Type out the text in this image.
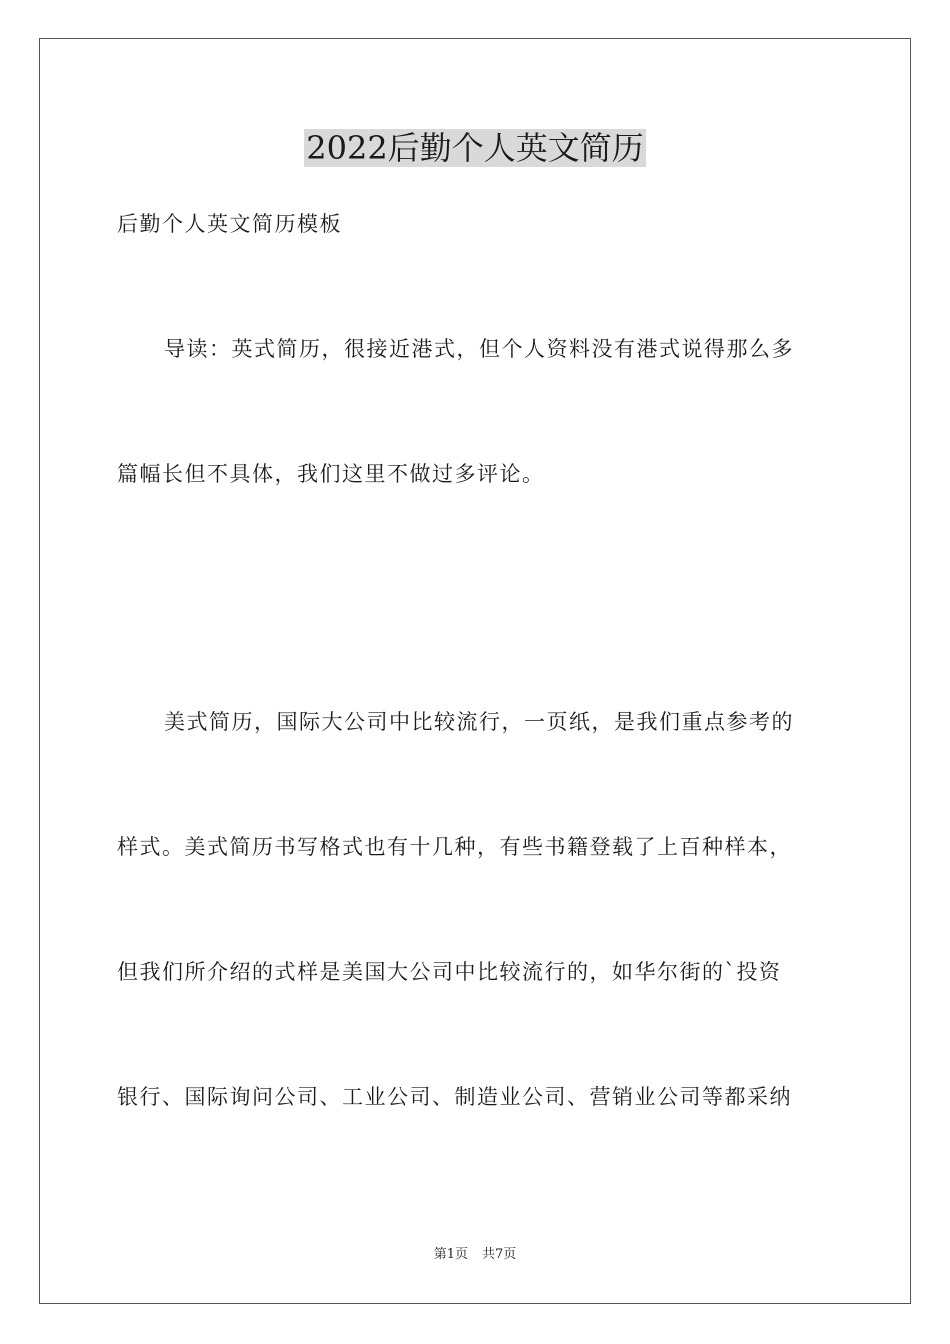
2022后勤个人英文简历
后勤个人英文简历模板
导读：英式简历，很接近港式，但个人资料没有港式说得那么多
篇幅长但不具体，我们这里不做过多评论。
美式简历，国际大公司中比较流行，一页纸，是我们重点参考的
样式。美式简历书写格式也有十几种，有些书籍登载了上百种样本，
但我们所介绍的式样是美国大公司中比较流行的，如华尔街的`投资
银行、国际询问公司、工业公司、制造业公司、营销业公司等都采纳
第1页 共7页
